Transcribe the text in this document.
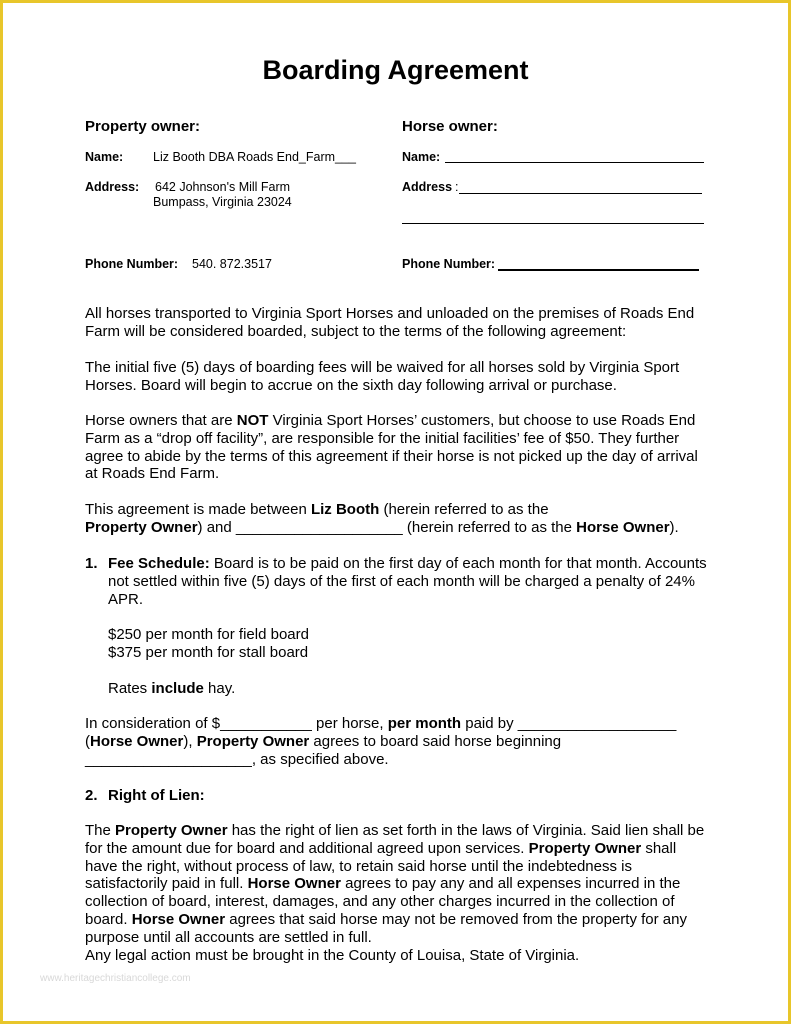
Boarding Agreement
Property owner:
Name: Liz Booth DBA Roads End_Farm___
Address: 642 Johnson's Mill Farm
Bumpass, Virginia 23024
Phone Number: 540. 872.3517
Horse owner:
Name:
Address :
Phone Number:
All horses transported to Virginia Sport Horses and unloaded on the premises of Roads End Farm will be considered boarded, subject to the terms of the following agreement:
The initial five (5) days of boarding fees will be waived for all horses sold by Virginia Sport Horses. Board will begin to accrue on the sixth day following arrival or purchase.
Horse owners that are NOT Virginia Sport Horses’ customers, but choose to use Roads End Farm as a “drop off facility”, are responsible for the initial facilities’ fee of $50. They further agree to abide by the terms of this agreement if their horse is not picked up the day of arrival at Roads End Farm.
This agreement is made between Liz Booth (herein referred to as the
Property Owner) and ____________________ (herein referred to as the Horse Owner).
1. Fee Schedule: Board is to be paid on the first day of each month for that month. Accounts not settled within five (5) days of the first of each month will be charged a penalty of 24% APR.
$250 per month for field board
$375 per month for stall board
Rates include hay.
In consideration of $___________ per horse, per month paid by ___________________
(Horse Owner), Property Owner agrees to board said horse beginning
____________________, as specified above.
2. Right of Lien:
The Property Owner has the right of lien as set forth in the laws of Virginia. Said lien shall be for the amount due for board and additional agreed upon services. Property Owner shall have the right, without process of law, to retain said horse until the indebtedness is satisfactorily paid in full. Horse Owner agrees to pay any and all expenses incurred in the collection of board, interest, damages, and any other charges incurred in the collection of board. Horse Owner agrees that said horse may not be removed from the property for any purpose until all accounts are settled in full.
Any legal action must be brought in the County of Louisa, State of Virginia.
www.heritagechristiancollege.com
